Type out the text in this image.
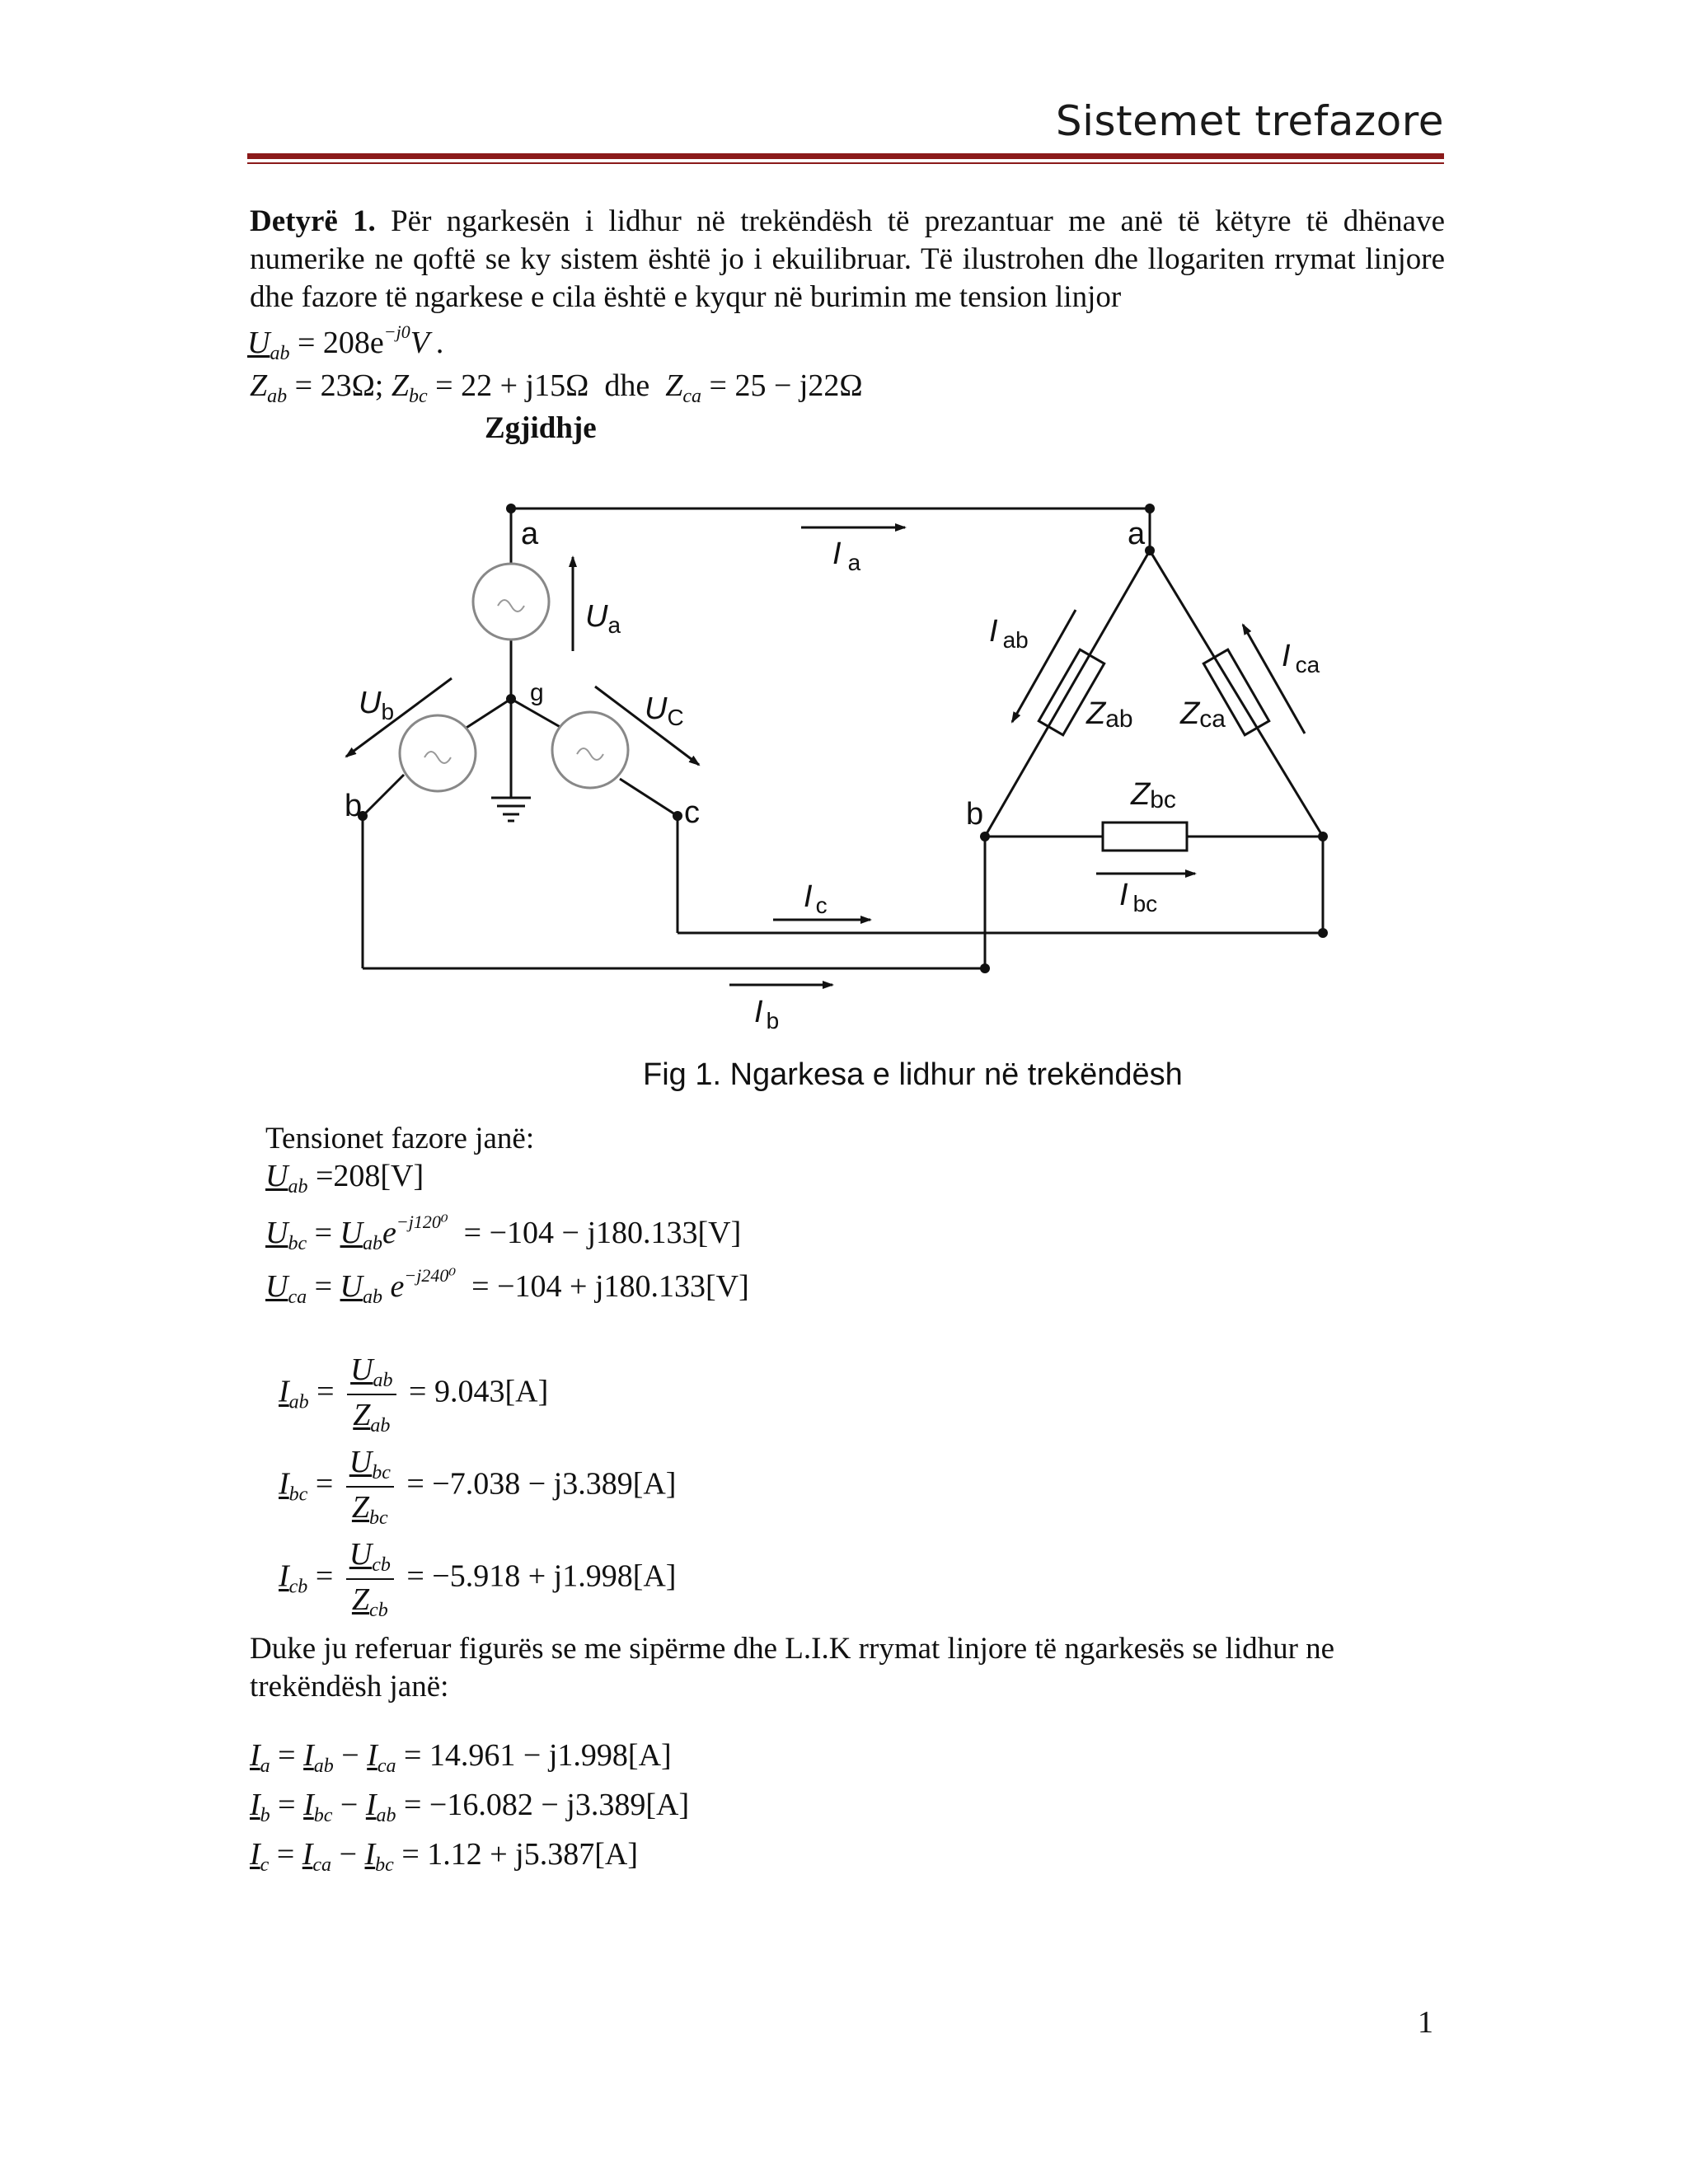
Sistemet trefazore
Detyrë 1. Për ngarkesën i lidhur në trekëndësh të prezantuar me anë të këtyre të dhënave numerike ne qoftë se ky sistem është jo i ekuilibruar. Të ilustrohen dhe llogariten rrymat linjore dhe fazore të ngarkese e cila është e kyqur në burimin me tension linjor
$U_{ab} = 208e^{-j0}V$ .
$Z_{ab} = 23\Omega$; $Z_{bc} = 22 + j15\Omega$ dhe $Z_{ca} = 25 - j22\Omega$
Zgjidhje
a	a
b	b
c
g
$U_a$
$U_b$	$U_C$
I $_a$
I $_b$
I $_c$
I $_{ab}$	I $_{ca}$
I $_{bc}$
Zab Zca
Zbc
Fig 1. Ngarkesa e lidhur në trekëndësh
Tensionet fazore janë:
$U_{ab} =208[V]$
$U_{bc} = U_{ab}e^{-j120^0} = -104 - j180.133[V]$
$U_{ca} = U_{ab}$ $e^{-j240^0} = -104 + j180.133[V]$
$I_{ab} = \frac{U_{ab}}{Z_{ab}} = 9.043[A]$
$I_{bc} = \frac{U_{bc}}{Z_{bc}} = -7.038 - j3.389[A]$
$I_{cb} = \frac{U_{cb}}{Z_{cb}} = -5.918 + j1.998[A]$
Duke ju referuar figurës se me sipërme dhe L.I.K rrymat linjore të ngarkesës se lidhur ne trekëndësh janë:
$I_a = I_{ab} - I_{ca} = 14.961 - j1.998[A]$
$I_b = I_{bc} - I_{ab} = -16.082 - j3.389[A]$
$I_c = I_{ca} - I_{bc} = 1.12 + j5.387[A]$
1
